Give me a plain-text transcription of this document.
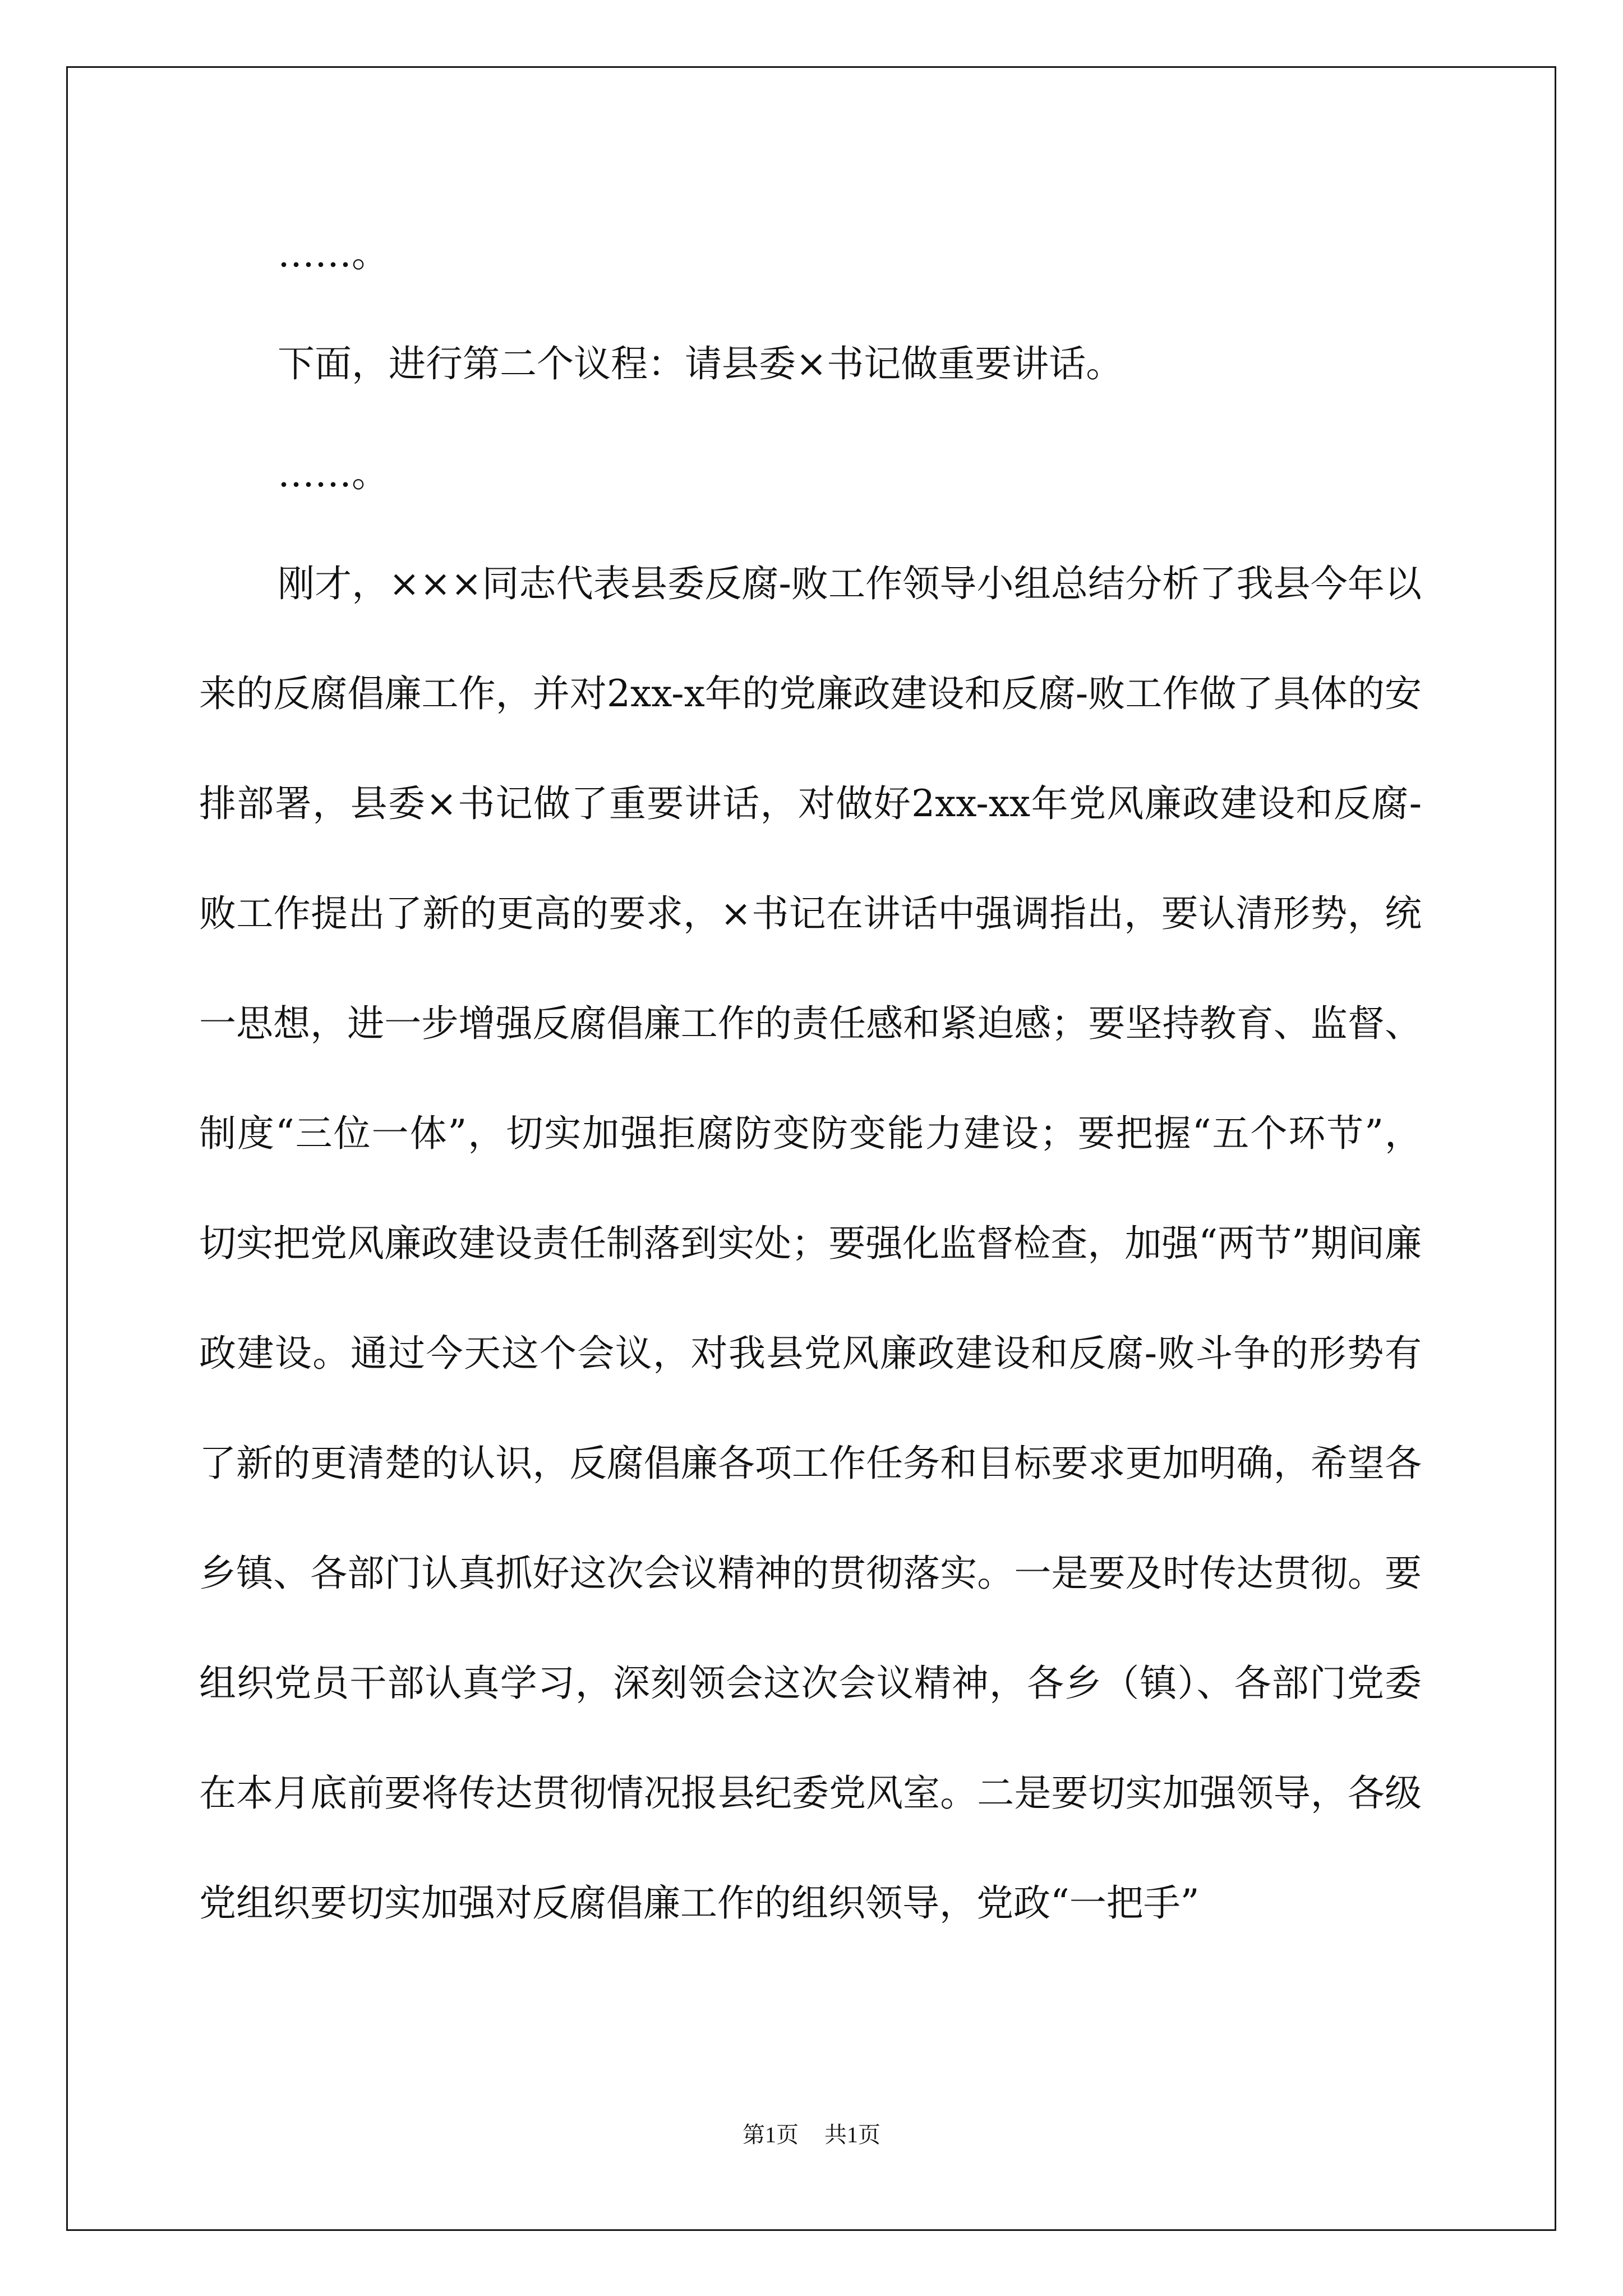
……。

下面，进行第二个议程：请县委×书记做重要讲话。

……。

刚才，×××同志代表县委反腐-败工作领导小组总结分析了我县今年以来的反腐倡廉工作，并对2xx-x年的党廉政建设和反腐-败工作做了具体的安排部署，县委×书记做了重要讲话，对做好2xx-xx年党风廉政建设和反腐-败工作提出了新的更高的要求，×书记在讲话中强调指出，要认清形势，统一思想，进一步增强反腐倡廉工作的责任感和紧迫感；要坚持教育、监督、制度“三位一体”，切实加强拒腐防变防变能力建设；要把握“五个环节”，切实把党风廉政建设责任制落到实处；要强化监督检查，加强“两节”期间廉政建设。通过今天这个会议，对我县党风廉政建设和反腐-败斗争的形势有了新的更清楚的认识，反腐倡廉各项工作任务和目标要求更加明确，希望各乡镇、各部门认真抓好这次会议精神的贯彻落实。一是要及时传达贯彻。要组织党员干部认真学习，深刻领会这次会议精神，各乡（镇）、各部门党委在本月底前要将传达贯彻情况报县纪委党风室。二是要切实加强领导，各级党组织要切实加强对反腐倡廉工作的组织领导，党政“一把手”

第1页 共1页
